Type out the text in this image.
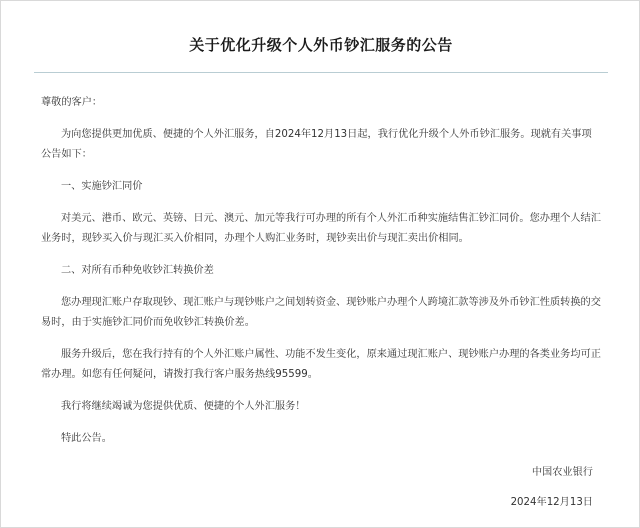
关于优化升级个人外币钞汇服务的公告
尊敬的客户：
为向您提供更加优质、便捷的个人外汇服务，自2024年12月13日起，我行优化升级个人外币钞汇服务。现就有关事项公告如下：
一、实施钞汇同价
对美元、港币、欧元、英镑、日元、澳元、加元等我行可办理的所有个人外汇币种实施结售汇钞汇同价。您办理个人结汇业务时，现钞买入价与现汇买入价相同，办理个人购汇业务时，现钞卖出价与现汇卖出价相同。
二、对所有币种免收钞汇转换价差
您办理现汇账户存取现钞、现汇账户与现钞账户之间划转资金、现钞账户办理个人跨境汇款等涉及外币钞汇性质转换的交易时，由于实施钞汇同价而免收钞汇转换价差。
服务升级后，您在我行持有的个人外汇账户属性、功能不发生变化，原来通过现汇账户、现钞账户办理的各类业务均可正常办理。如您有任何疑问，请拨打我行客户服务热线95599。
我行将继续竭诚为您提供优质、便捷的个人外汇服务！
特此公告。
中国农业银行
2024年12月13日
